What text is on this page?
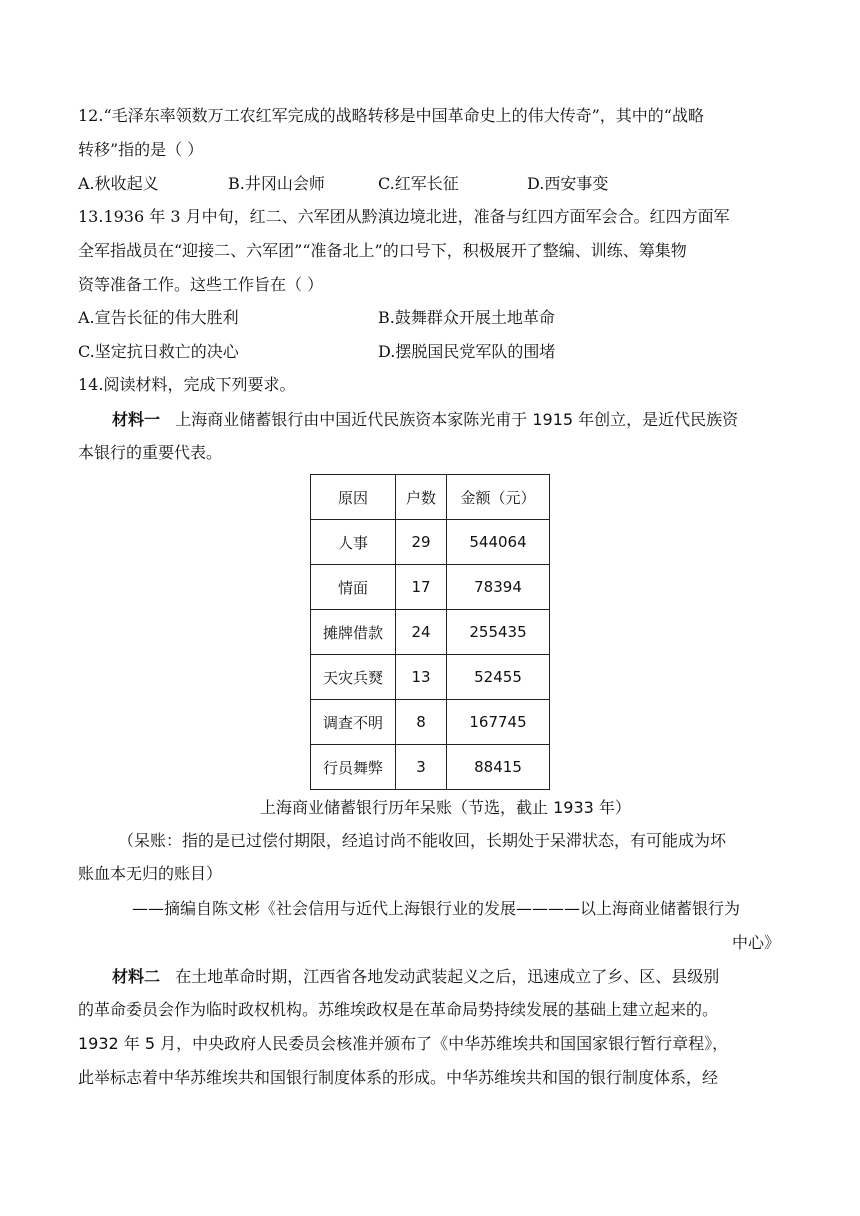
12.“毛泽东率领数万工农红军完成的战略转移是中国革命史上的伟大传奇”，其中的“战略
转移”指的是（ ）
A.秋收起义	B.井冈山会师	C.红军长征	D.西安事变
13.1936 年 3 月中旬，红二、六军团从黔滇边境北进，准备与红四方面军会合。红四方面军
全军指战员在“迎接二、六军团”“准备北上”的口号下，积极展开了整编、训练、筹集物
资等准备工作。这些工作旨在（ ）
A.宣告长征的伟大胜利	B.鼓舞群众开展土地革命
C.坚定抗日救亡的决心	D.摆脱国民党军队的围堵
14.阅读材料，完成下列要求。
材料一 上海商业储蓄银行由中国近代民族资本家陈光甫于 1915 年创立，是近代民族资
本银行的重要代表。
原因	户数	金额（元）
人事	29	544064
情面	17	78394
摊牌借款	24	255435
天灾兵燹	13	52455
调查不明	8	167745
行员舞弊	3	88415
上海商业储蓄银行历年呆账（节选，截止 1933 年）
（呆账：指的是已过偿付期限，经追讨尚不能收回，长期处于呆滞状态，有可能成为坏
账血本无归的账目）
——摘编自陈文彬《社会信用与近代上海银行业的发展————以上海商业储蓄银行为
中心》
材料二 在土地革命时期，江西省各地发动武装起义之后，迅速成立了乡、区、县级别
的革命委员会作为临时政权机构。苏维埃政权是在革命局势持续发展的基础上建立起来的。
1932 年 5 月，中央政府人民委员会核准并颁布了《中华苏维埃共和国国家银行暂行章程》，
此举标志着中华苏维埃共和国银行制度体系的形成。中华苏维埃共和国的银行制度体系，经
